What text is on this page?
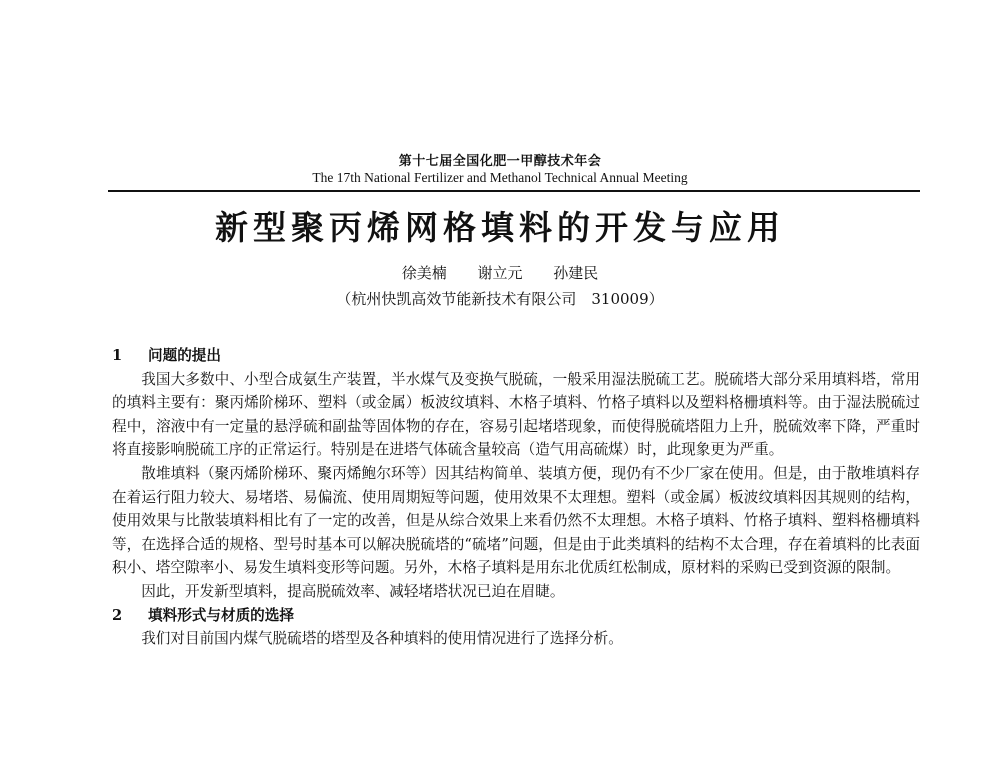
第十七届全国化肥一甲醇技术年会
The 17th National Fertilizer and Methanol Technical Annual Meeting
新型聚丙烯网格填料的开发与应用
徐美楠 谢立元 孙建民
（杭州快凯高效节能新技术有限公司　310009）

1 问题的提出

我国大多数中、小型合成氨生产装置，半水煤气及变换气脱硫，一般采用湿法脱硫工艺。脱硫塔大部分采用填料塔，常用的填料主要有：聚丙烯阶梯环、塑料（或金属）板波纹填料、木格子填料、竹格子填料以及塑料格栅填料等。由于湿法脱硫过程中，溶液中有一定量的悬浮硫和副盐等固体物的存在，容易引起堵塔现象，而使得脱硫塔阻力上升，脱硫效率下降，严重时将直接影响脱硫工序的正常运行。特别是在进塔气体硫含量较高（造气用高硫煤）时，此现象更为严重。

散堆填料（聚丙烯阶梯环、聚丙烯鲍尔环等）因其结构简单、装填方便，现仍有不少厂家在使用。但是，由于散堆填料存在着运行阻力较大、易堵塔、易偏流、使用周期短等问题，使用效果不太理想。塑料（或金属）板波纹填料因其规则的结构，使用效果与比散装填料相比有了一定的改善，但是从综合效果上来看仍然不太理想。木格子填料、竹格子填料、塑料格栅填料等，在选择合适的规格、型号时基本可以解决脱硫塔的“硫堵”问题，但是由于此类填料的结构不太合理，存在着填料的比表面积小、塔空隙率小、易发生填料变形等问题。另外，木格子填料是用东北优质红松制成，原材料的采购已受到资源的限制。

因此，开发新型填料，提高脱硫效率、减轻堵塔状况已迫在眉睫。

2 填料形式与材质的选择

我们对目前国内煤气脱硫塔的塔型及各种填料的使用情况进行了选择分析。
